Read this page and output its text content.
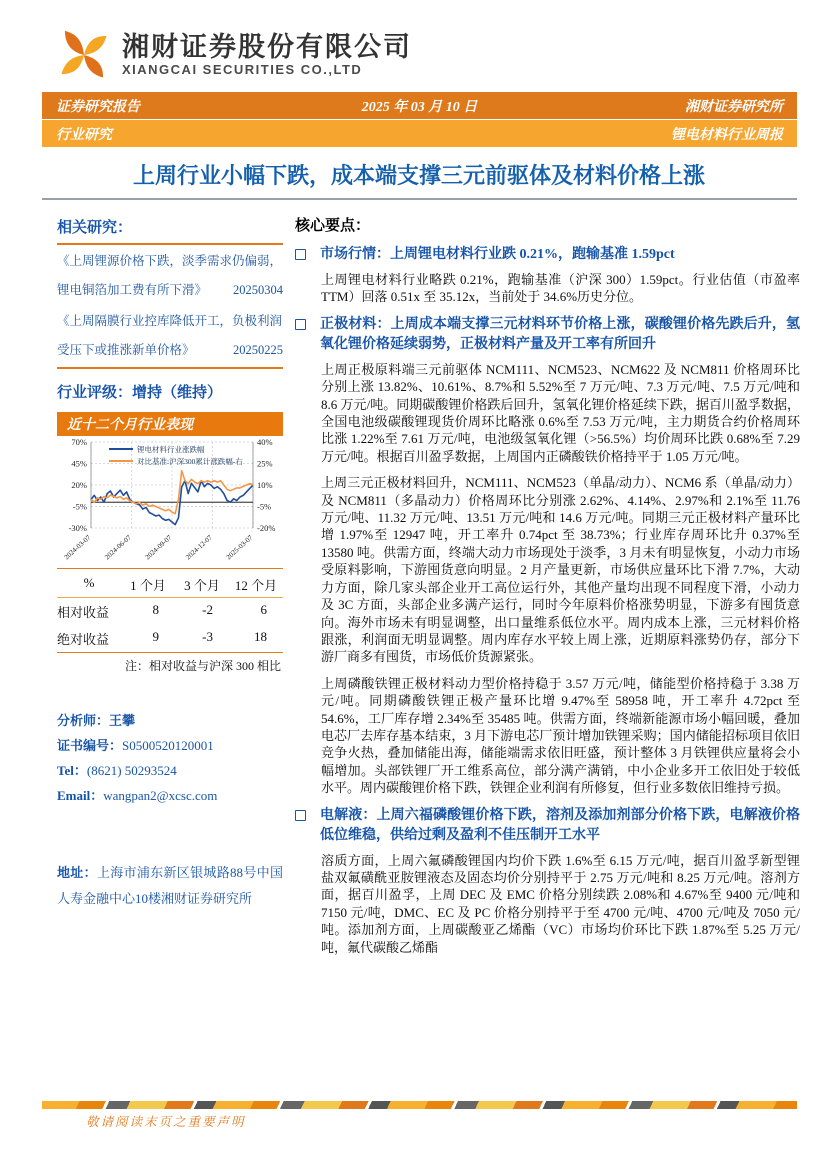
湘财证券股份有限公司
XIANGCAI SECURITIES CO.,LTD
证券研究报告	2025 年 03 月 10 日	湘财证券研究所
行业研究	锂电材料行业周报
上周行业小幅下跌，成本端支撑三元前驱体及材料价格上涨
相关研究：
《上周锂源价格下跌，淡季需求仍偏弱，锂电铜箔加工费有所下滑》 20250304
《上周隔膜行业控库降低开工，负极利润受压下或推涨新单价格》	20250225
行业评级：增持（维持）
近十二个月行业表现
70%	40%
45%	25%
20%	10%
-5%	-5%
-30%	-20%
2024-03-07 2024-06-07 2024-09-07 2024-12-07 2025-03-07
锂电材料行业涨跌幅
对比基准:沪深300累计涨跌幅-右
%	1 个月	3 个月	12 个月
相对收益	8	-2	6
绝对收益	9	-3	18
注：相对收益与沪深 300 相比
分析师：王攀
证书编号：S0500520120001
Tel：(8621) 50293524
Email：wangpan2@xcsc.com
地址：上海市浦东新区银城路88号中国人寿金融中心10楼湘财证券研究所
核心要点：
市场行情：上周锂电材料行业跌 0.21%，跑输基准 1.59pct

上周锂电材料行业略跌 0.21%，跑输基准（沪深 300）1.59pct。行业估值（市盈率 TTM）回落 0.51x 至 35.12x，当前处于 34.6%历史分位。

正极材料：上周成本端支撑三元材料环节价格上涨，碳酸锂价格先跌后升，氢氧化锂价格延续弱势，正极材料产量及开工率有所回升

上周正极原料端三元前驱体 NCM111、NCM523、NCM622 及 NCM811 价格周环比分别上涨 13.82%、10.61%、8.7%和 5.52%至 7 万元/吨、7.3 万元/吨、7.5 万元/吨和 8.6 万元/吨。同期碳酸锂价格跌后回升，氢氧化锂价格延续下跌，据百川盈孚数据，全国电池级碳酸锂现货价周环比略涨 0.6%至 7.53 万元/吨，主力期货合约价格周环比涨 1.22%至 7.61 万元/吨，电池级氢氧化锂（>56.5%）均价周环比跌 0.68%至 7.29 万元/吨。根据百川盈孚数据，上周国内正磷酸铁价格持平于 1.05 万元/吨。

上周三元正极材料回升，NCM111、NCM523（单晶/动力）、NCM6 系（单晶/动力）及 NCM811（多晶动力）价格周环比分别涨 2.62%、4.14%、2.97%和 2.1%至 11.76 万元/吨、11.32 万元/吨、13.51 万元/吨和 14.6 万元/吨。同期三元正极材料产量环比增 1.97%至 12947 吨，开工率升 0.74pct 至 38.73%；行业库存周环比升 0.37%至 13580 吨。供需方面，终端大动力市场现处于淡季，3 月未有明显恢复，小动力市场受原料影响，下游囤货意向明显。2 月产量更新，市场供应量环比下滑 7.7%，大动力方面，除几家头部企业开工高位运行外，其他产量均出现不同程度下滑，小动力及 3C 方面，头部企业多满产运行，同时今年原料价格涨势明显，下游多有囤货意向。海外市场未有明显调整，出口量维系低位水平。周内成本上涨，三元材料价格跟涨，利润面无明显调整。周内库存水平较上周上涨，近期原料涨势仍存，部分下游厂商多有囤货，市场低价货源紧张。

上周磷酸铁锂正极材料动力型价格持稳于 3.57 万元/吨，储能型价格持稳于 3.38 万元/吨。同期磷酸铁锂正极产量环比增 9.47%至 58958 吨，开工率升 4.72pct 至 54.6%，工厂库存增 2.34%至 35485 吨。供需方面，终端新能源市场小幅回暖，叠加电芯厂去库存基本结束，3 月下游电芯厂预计增加铁锂采购；国内储能招标项目依旧竞争火热，叠加储能出海，储能端需求依旧旺盛，预计整体 3 月铁锂供应量将会小幅增加。头部铁锂厂开工维系高位，部分满产满销，中小企业多开工依旧处于较低水平。周内碳酸锂价格下跌，铁锂企业利润有所修复，但行业多数依旧维持亏损。

电解液：上周六福磷酸锂价格下跌，溶剂及添加剂部分价格下跌，电解液价格低位维稳，供给过剩及盈利不佳压制开工水平

溶质方面，上周六氟磷酸锂国内均价下跌 1.6%至 6.15 万元/吨，据百川盈孚新型锂盐双氟磺酰亚胺锂液态及固态均价分别持平于 2.75 万元/吨和 8.25 万元/吨。溶剂方面，据百川盈孚，上周 DEC 及 EMC 价格分别续跌 2.08%和 4.67%至 9400 元/吨和 7150 元/吨，DMC、EC 及 PC 价格分别持平于至 4700 元/吨、4700 元/吨及 7050 元/吨。添加剂方面，上周碳酸亚乙烯酯（VC）市场均价环比下跌 1.87%至 5.25 万元/吨，氟代碳酸乙烯酯

敬请阅读末页之重要声明
